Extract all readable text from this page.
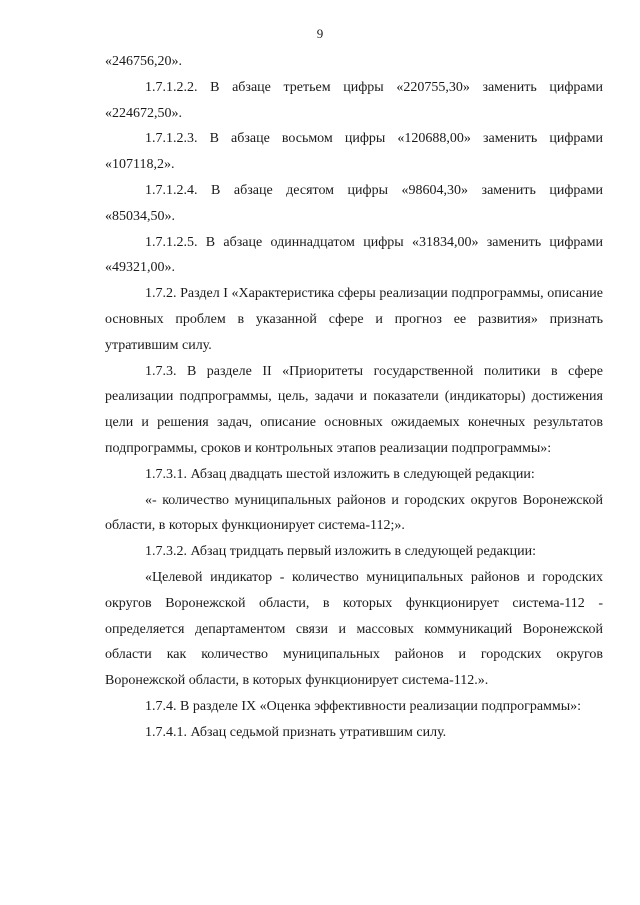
9

«246756,20».

1.7.1.2.2. В абзаце третьем цифры «220755,30» заменить цифрами «224672,50».

1.7.1.2.3. В абзаце восьмом цифры «120688,00» заменить цифрами «107118,2».

1.7.1.2.4. В абзаце десятом цифры «98604,30» заменить цифрами «85034,50».

1.7.1.2.5. В абзаце одиннадцатом цифры «31834,00» заменить цифрами «49321,00».

1.7.2. Раздел I «Характеристика сферы реализации подпрограммы, описание основных проблем в указанной сфере и прогноз ее развития» признать утратившим силу.

1.7.3. В разделе II «Приоритеты государственной политики в сфере реализации подпрограммы, цель, задачи и показатели (индикаторы) достижения цели и решения задач, описание основных ожидаемых конечных результатов подпрограммы, сроков и контрольных этапов реализации подпрограммы»:

1.7.3.1. Абзац двадцать шестой изложить в следующей редакции:

«- количество муниципальных районов и городских округов Воронежской области, в которых функционирует система-112;».

1.7.3.2. Абзац тридцать первый изложить в следующей редакции:

«Целевой индикатор - количество муниципальных районов и городских округов Воронежской области, в которых функционирует система-112 - определяется департаментом связи и массовых коммуникаций Воронежской области как количество муниципальных районов и городских округов Воронежской области, в которых функционирует система-112.».

1.7.4. В разделе IX «Оценка эффективности реализации подпрограммы»:

1.7.4.1. Абзац седьмой признать утратившим силу.
